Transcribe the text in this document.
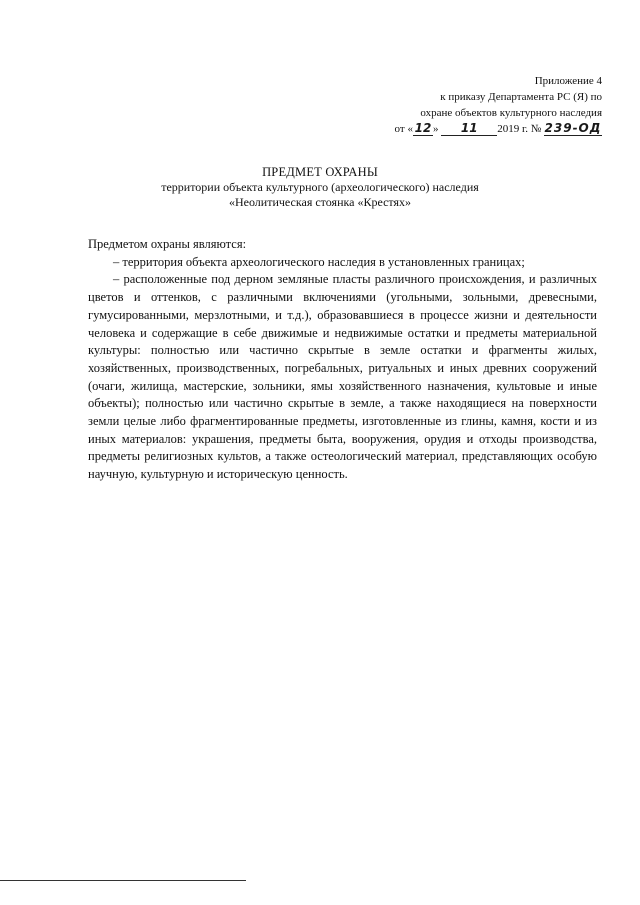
Приложение 4
к приказу Департамента РС (Я) по
охране объектов культурного наследия
от « 12 » 11 2019 г. № 239-ОД
ПРЕДМЕТ ОХРАНЫ
территории объекта культурного (археологического) наследия
«Неолитическая стоянка «Крестях»

Предметом охраны являются:

– территория объекта археологического наследия в установленных границах;

– расположенные под дерном земляные пласты различного происхождения, и различных цветов и оттенков, с различными включениями (угольными, зольными, древесными, гумусированными, мерзлотными, и т.д.), образовавшиеся в процессе жизни и деятельности человека и содержащие в себе движимые и недвижимые остатки и предметы материальной культуры: полностью или частично скрытые в земле остатки и фрагменты жилых, хозяйственных, производственных, погребальных, ритуальных и иных древних сооружений (очаги, жилища, мастерские, зольники, ямы хозяйственного назначения, культовые и иные объекты); полностью или частично скрытые в земле, а также находящиеся на поверхности земли целые либо фрагментированные предметы, изготовленные из глины, камня, кости и из иных материалов: украшения, предметы быта, вооружения, орудия и отходы производства, предметы религиозных культов, а также остеологический материал, представляющих особую научную, культурную и историческую ценность.
